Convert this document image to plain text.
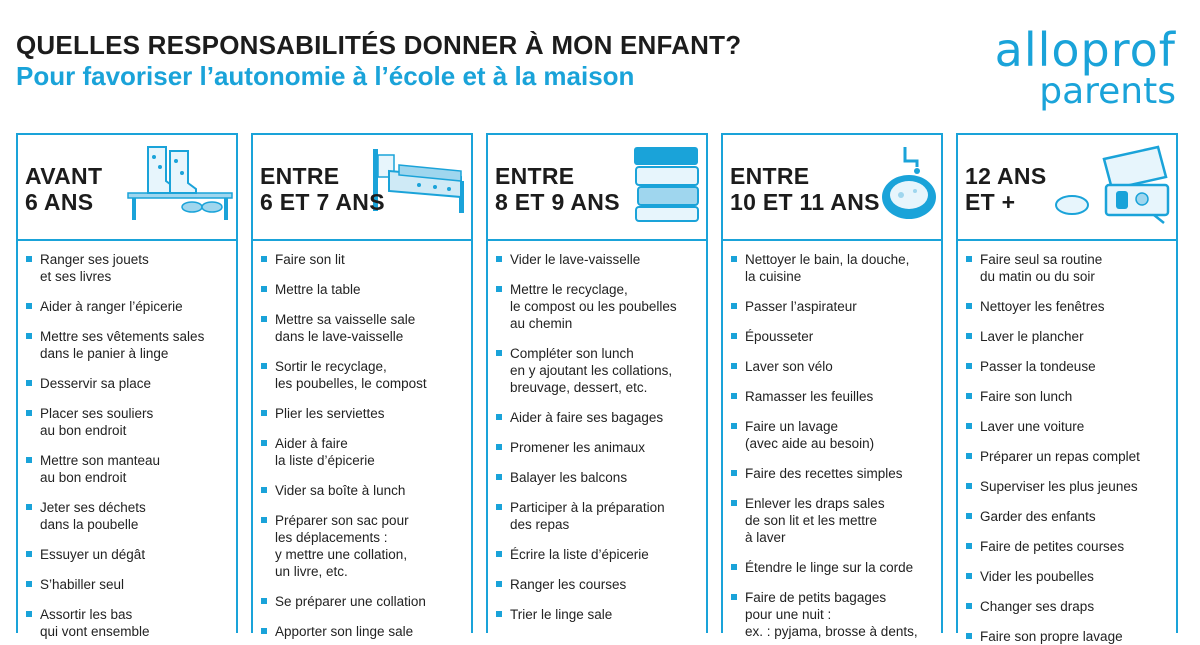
QUELLES RESPONSABILITÉS DONNER À MON ENFANT?
Pour favoriser l’autonomie à l’école et à la maison	alloprof
parents
AVANT
6 ANS
Ranger ses jouets
et ses livres
Aider à ranger l’épicerie
Mettre ses vêtements sales
dans le panier à linge
Desservir sa place
Placer ses souliers
au bon endroit
Mettre son manteau
au bon endroit
Jeter ses déchets
dans la poubelle
Essuyer un dégât
S’habiller seul
Assortir les bas
qui vont ensemble
ENTRE
6 ET 7 ANS
Faire son lit
Mettre la table
Mettre sa vaisselle sale
dans le lave-vaisselle
Sortir le recyclage,
les poubelles, le compost
Plier les serviettes
Aider à faire
la liste d’épicerie
Vider sa boîte à lunch
Préparer son sac pour
les déplacements :
y mettre une collation,
un livre, etc.
Se préparer une collation
Apporter son linge sale
ENTRE
8 ET 9 ANS
Vider le lave-vaisselle
Mettre le recyclage,
le compost ou les poubelles
au chemin
Compléter son lunch
en y ajoutant les collations,
breuvage, dessert, etc.
Aider à faire ses bagages
Promener les animaux
Balayer les balcons
Participer à la préparation
des repas
Écrire la liste d’épicerie
Ranger les courses
Trier le linge sale
ENTRE
10 ET 11 ANS
Nettoyer le bain, la douche,
la cuisine
Passer l’aspirateur
Épousseter
Laver son vélo
Ramasser les feuilles
Faire un lavage
(avec aide au besoin)
Faire des recettes simples
Enlever les draps sales
de son lit et les mettre
à laver
Étendre le linge sur la corde
Faire de petits bagages
pour une nuit :
ex. : pyjama, brosse à dents,
12 ANS
ET +
Faire seul sa routine
du matin ou du soir
Nettoyer les fenêtres
Laver le plancher
Passer la tondeuse
Faire son lunch
Laver une voiture
Préparer un repas complet
Superviser les plus jeunes
Garder des enfants
Faire de petites courses
Vider les poubelles
Changer ses draps
Faire son propre lavage
